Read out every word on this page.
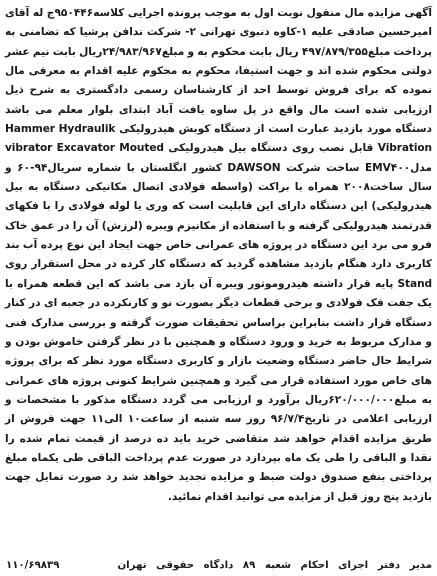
آگهی مزایده مال منقول نوبت اول به موجب پرونده اجرایی کلاسه۹۵۰۴۴۶ج له آقای امیرحسین صادقی علیه ۱-کاوه دنبوی تهرانی ۲- شرکت ندافن پرشیا که تضامنی به پرداخت مبلغ۴۹۷/۸۷۹/۳۵۵ ریال بابت محکوم به و مبلغ۲۴/۹۸۳/۹۶۷ریال بابت نیم عشر دولتی محکوم شده اند و جهت استیفا، محکوم به محکوم علیه اقدام به معرفی مال نموده که برای فروش توسط احد از کارشناسان رسمی دادگستری به شرح ذیل ارزیابی شده است مال واقع در پل ساوه یافت آباد ابتدای بلوار معلم می باشد دستگاه مورد بازدید عبارت است از دستگاه کوبش هیدرولیکی Hammer Hydraulik Vibration قابل نصب روی دستگاه بیل هیدرولیکی vibrator Excavator Mouted مدلEMV۴۰۰ ساخت شرکت DAWSON کشور انگلستان با شماره سریال۹۴-۶۰ و سال ساخت۲۰۰۸ همراه با براکت (واسطه فولادی اتصال مکانیکی دستگاه به بیل هیدرولیکی) این دستگاه دارای این قابلیت است که وری یا لوله فولادی را با فکهای قدرتمند هیدرولیکی گرفته و با استفاده از مکانیزم ویبره (لرزش) آن را در عمق خاک فرو می برد این دستگاه در پروژه های عمرانی خاص جهت ایجاد این نوع پرده آب بند کاربری دارد هنگام بازدید مشاهده گردید که دستگاه کار کرده در محل استقرار روی Stand پایه قرار داشته هیدروموتور ویبره آن بازد می باشد که این قطعه همراه با یک جفت فک فولادی و برخی قطعات دیگر بصورت نو و کارنکرده در جعبه ای در کنار دستگاه قرار داشت بنابراین براساس تحقیقات صورت گرفته و بررسی مدارک فنی و مدارک مربوط به خرید و ورود دستگاه و همچنین با در نظر گرفتن خاموش بودن و شرایط حال حاضر دستگاه وضعیت بازار و کاربری دستگاه مورد نظر که برای پروژه های خاص مورد استفاده قرار می گیرد و همچنین شرایط کنونی پروژه های عمرانی به مبلغ۶۲۰/۰۰۰/۰۰۰ریال برآورد و ارزیابی می گردد دستگاه مذکور با مشخصات و ارزیابی اعلامی در تاریخ۹۶/۷/۴ روز سه شنبه از ساعت۱۰ الی۱۱ جهت فروش از طریق مزایده اقدام خواهد شد متقاضی خرید باید ده درصد از قیمت تمام شده را نقدا و الباقی را طی یک ماه بپردازد در صورت عدم پرداخت الباقی طی یکماه مبلغ پرداختی بنفع صندوق دولت ضبط و مزایده تجدید خواهد شد رد صورت تمایل جهت بازدید پنج روز قبل از مزایده می توانید اقدام نمائید.

مدیر دفتر اجرای احکام شعبه ۸۹ دادگاه حقوقی تهران
۱۱۰/۶۹۸۳۹
